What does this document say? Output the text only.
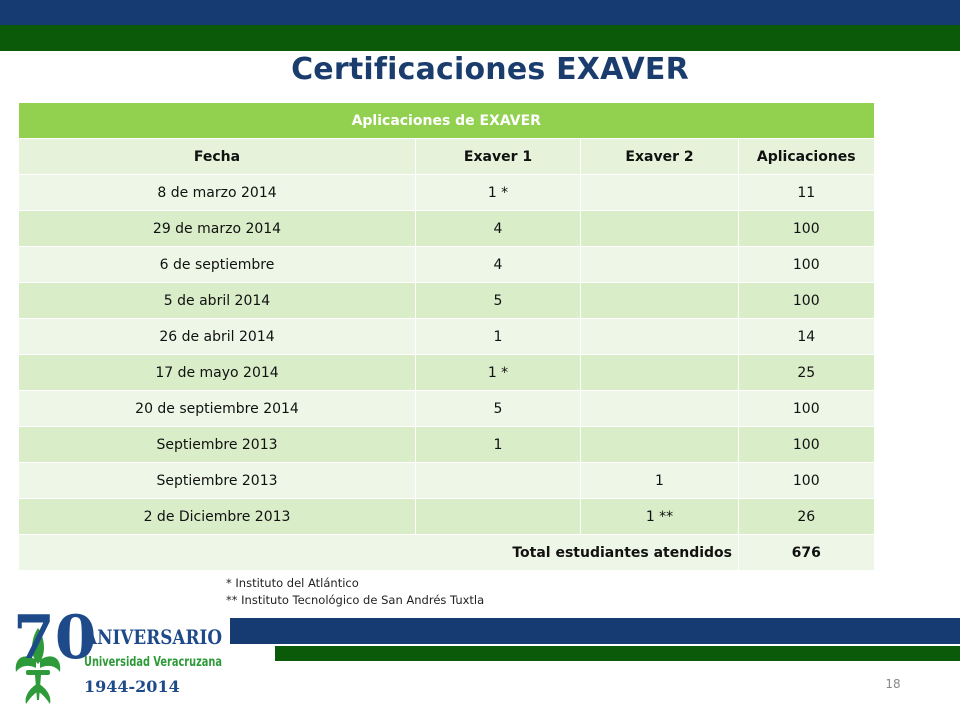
Certificaciones EXAVER
Aplicaciones de EXAVER			
Fecha	Exaver 1	Exaver 2	Aplicaciones
8 de marzo 2014	1 *		11
29 de marzo 2014	4		100
6 de septiembre	4		100
5 de abril 2014	5		100
26 de abril 2014	1		14
17 de mayo 2014	1 *		25
20 de septiembre 2014	5		100
Septiembre 2013	1		100
Septiembre 2013		1	100
2 de Diciembre 2013		1 **	26
Total estudiantes atendidos			676
* Instituto del Atlántico
** Instituto Tecnológico de San Andrés Tuxtla
70
ANIVERSARIO
Universidad Veracruzana
1944-2014	18
